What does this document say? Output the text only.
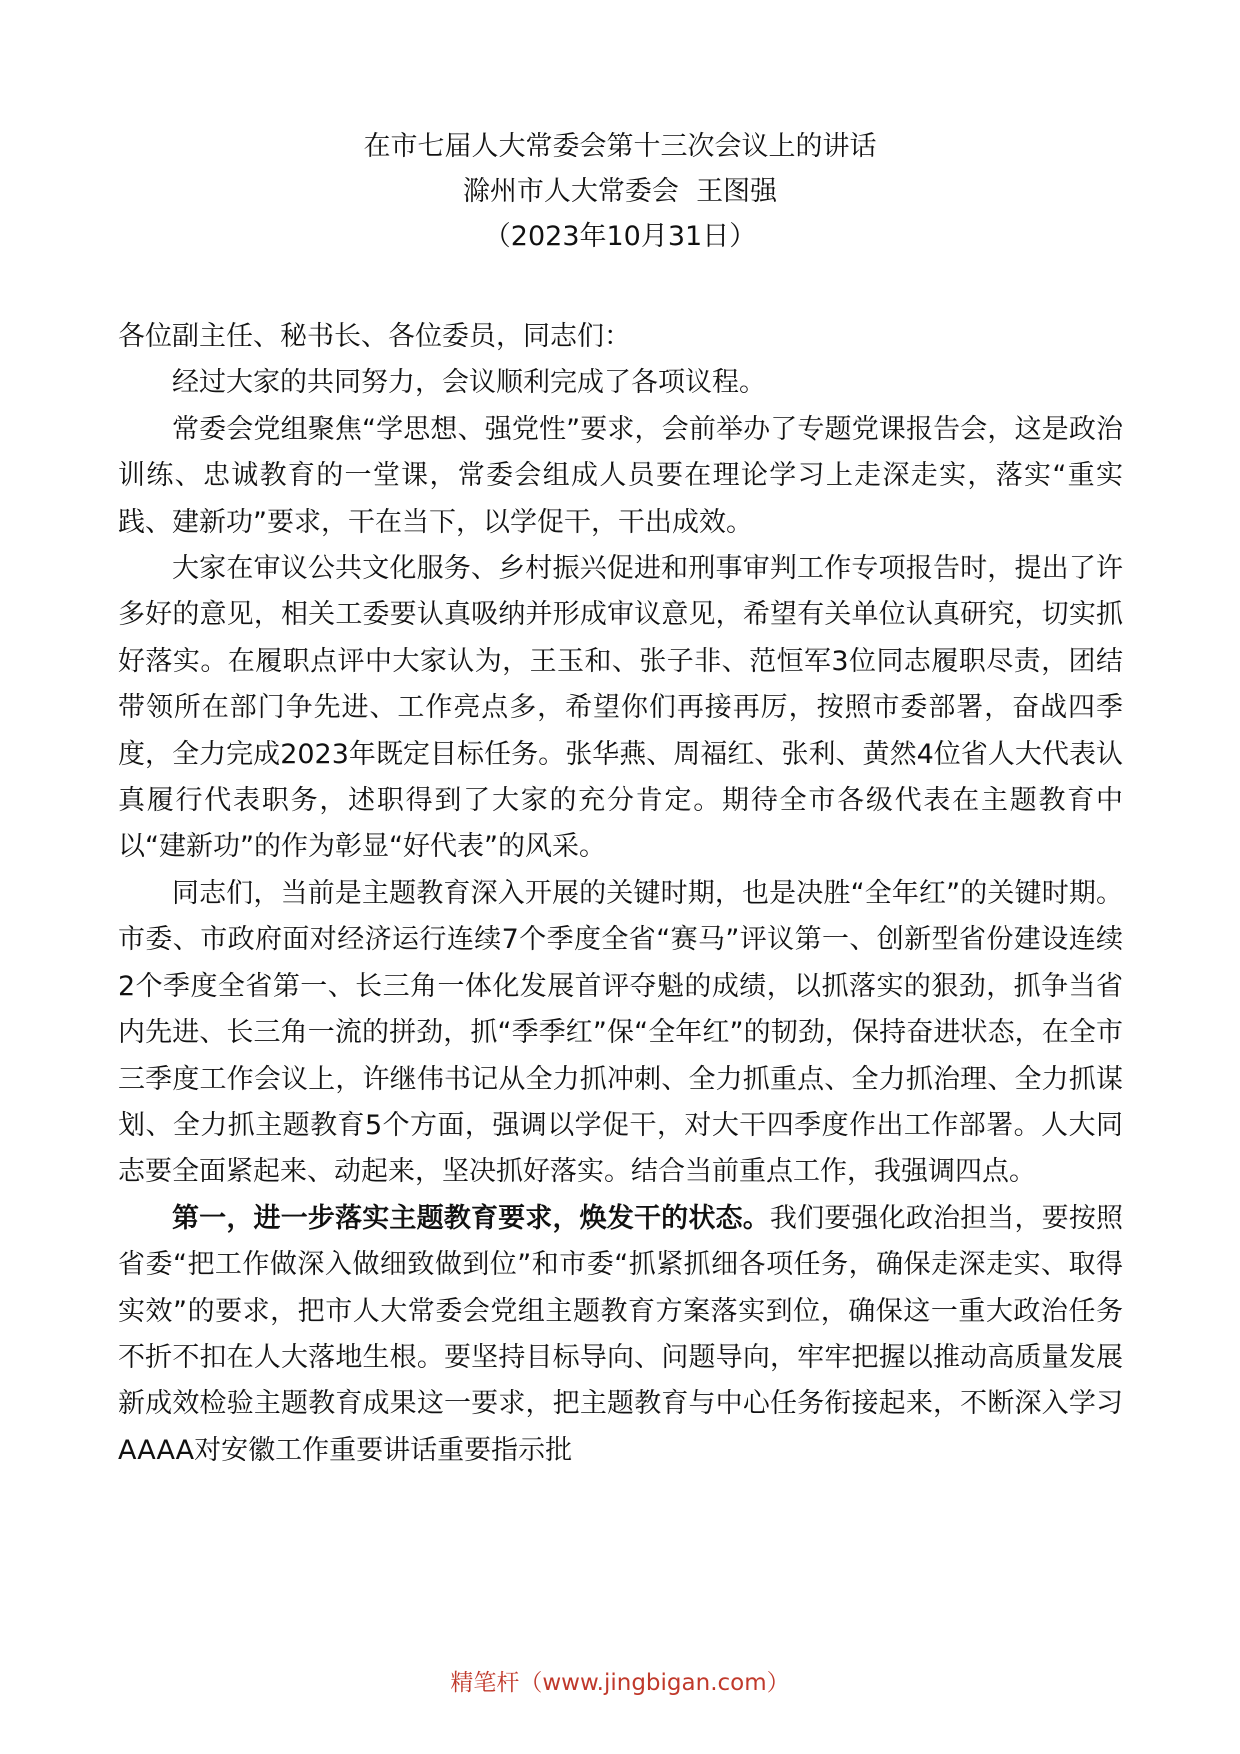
在市七届人大常委会第十三次会议上的讲话
滁州市人大常委会  王图强
（2023年10月31日）

各位副主任、秘书长、各位委员，同志们：

经过大家的共同努力，会议顺利完成了各项议程。

常委会党组聚焦“学思想、强党性”要求，会前举办了专题党课报告会，这是政治训练、忠诚教育的一堂课，常委会组成人员要在理论学习上走深走实，落实“重实践、建新功”要求，干在当下，以学促干，干出成效。

大家在审议公共文化服务、乡村振兴促进和刑事审判工作专项报告时，提出了许多好的意见，相关工委要认真吸纳并形成审议意见，希望有关单位认真研究，切实抓好落实。在履职点评中大家认为，王玉和、张子非、范恒军3位同志履职尽责，团结带领所在部门争先进、工作亮点多，希望你们再接再厉，按照市委部署，奋战四季度，全力完成2023年既定目标任务。张华燕、周福红、张利、黄然4位省人大代表认真履行代表职务，述职得到了大家的充分肯定。期待全市各级代表在主题教育中以“建新功”的作为彰显“好代表”的风采。

同志们，当前是主题教育深入开展的关键时期，也是决胜“全年红”的关键时期。市委、市政府面对经济运行连续7个季度全省“赛马”评议第一、创新型省份建设连续2个季度全省第一、长三角一体化发展首评夺魁的成绩，以抓落实的狠劲，抓争当省内先进、长三角一流的拼劲，抓“季季红”保“全年红”的韧劲，保持奋进状态，在全市三季度工作会议上，许继伟书记从全力抓冲刺、全力抓重点、全力抓治理、全力抓谋划、全力抓主题教育5个方面，强调以学促干，对大干四季度作出工作部署。人大同志要全面紧起来、动起来，坚决抓好落实。结合当前重点工作，我强调四点。

第一，进一步落实主题教育要求，焕发干的状态。我们要强化政治担当，要按照省委“把工作做深入做细致做到位”和市委“抓紧抓细各项任务，确保走深走实、取得实效”的要求，把市人大常委会党组主题教育方案落实到位，确保这一重大政治任务不折不扣在人大落地生根。要坚持目标导向、问题导向，牢牢把握以推动高质量发展新成效检验主题教育成果这一要求，把主题教育与中心任务衔接起来，不断深入学习AAAA对安徽工作重要讲话重要指示批

精笔杆（www.jingbigan.com）
